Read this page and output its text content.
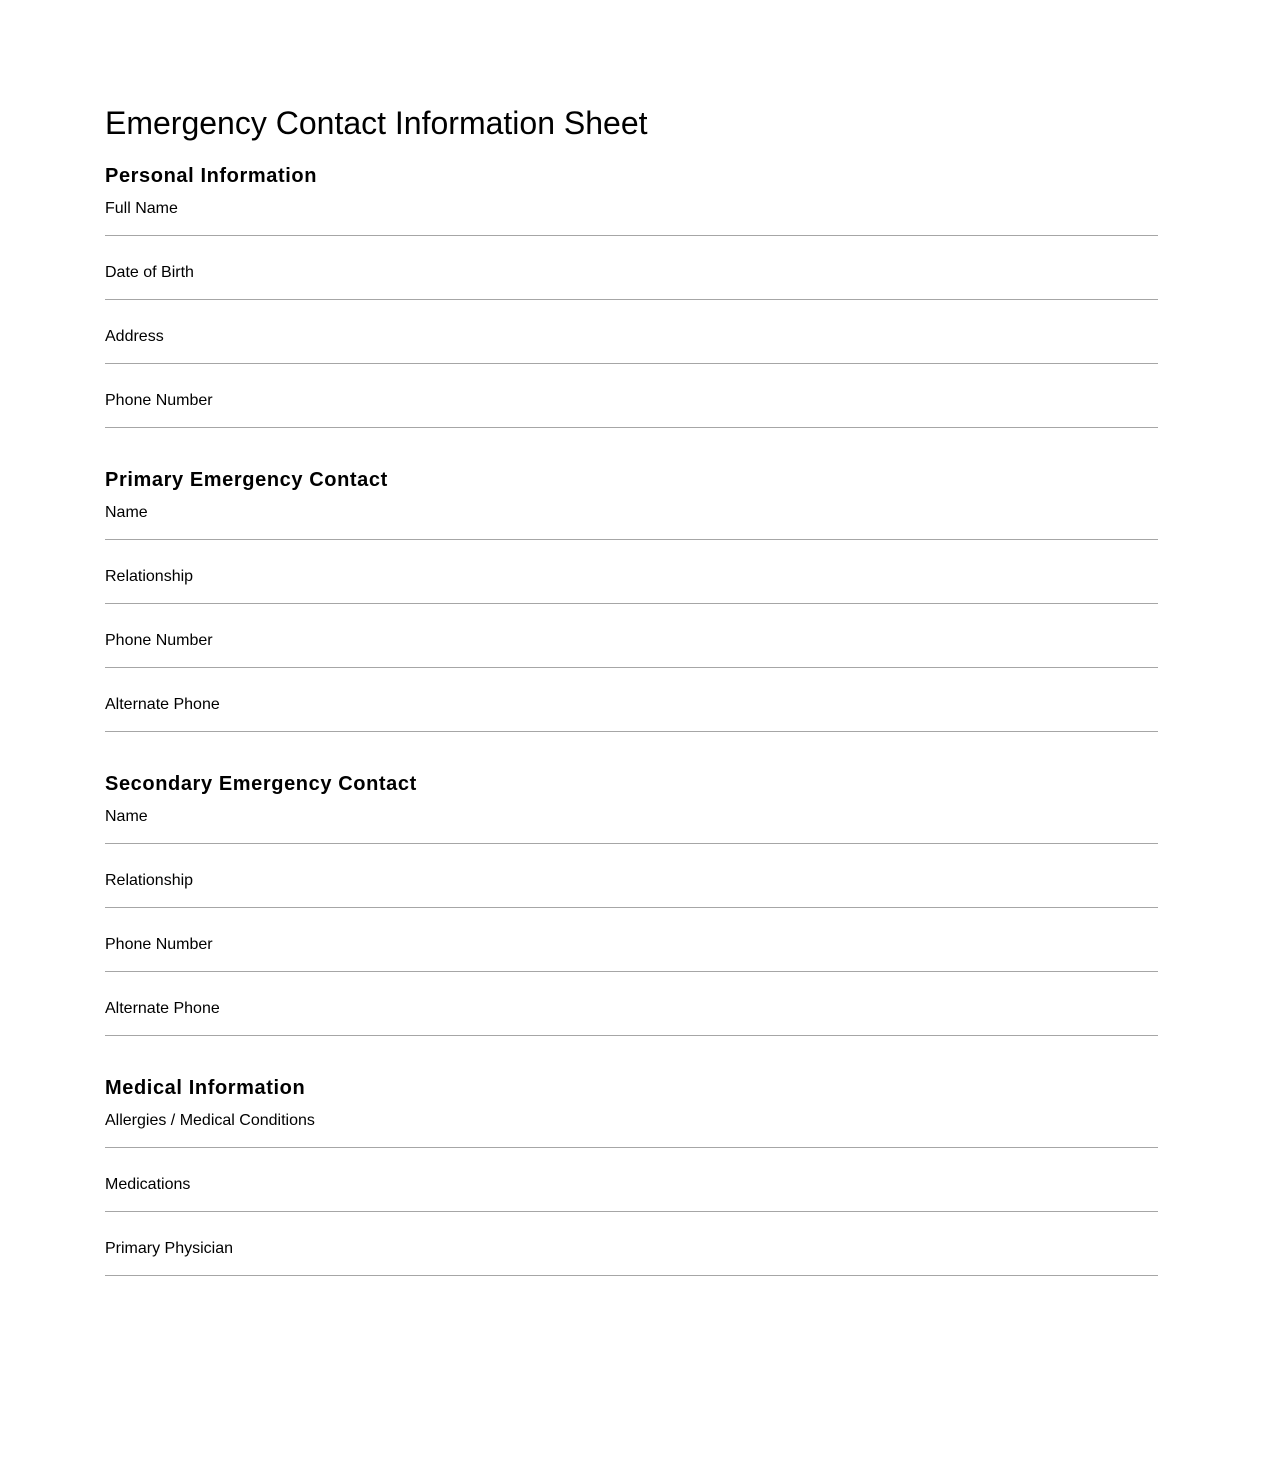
Emergency Contact Information Sheet
Personal Information
Full Name
Date of Birth
Address
Phone Number
Primary Emergency Contact
Name
Relationship
Phone Number
Alternate Phone
Secondary Emergency Contact
Name
Relationship
Phone Number
Alternate Phone
Medical Information
Allergies / Medical Conditions
Medications
Primary Physician
